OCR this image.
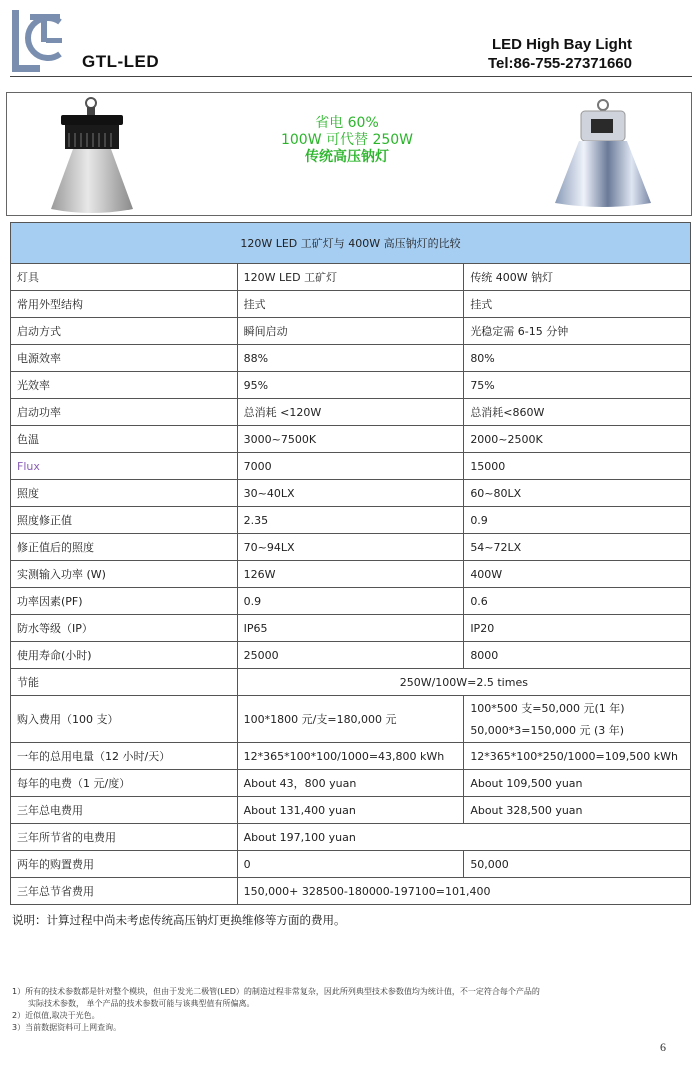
GTL-LED
LED High Bay Light
Tel:86-755-27371660
省电 60%
100W 可代替 250W
传统高压钠灯
120W LED 工矿灯与 400W 高压钠灯的比较		
灯具	120W LED 工矿灯	传统 400W 钠灯
常用外型结构	挂式	挂式
启动方式	瞬间启动	光稳定需 6-15 分钟
电源效率	88%	80%
光效率	95%	75%
启动功率	总消耗 <120W	总消耗<860W
色温	3000~7500K	2000~2500K
Flux	7000	15000
照度	30~40LX	60~80LX
照度修正值	2.35	0.9
修正值后的照度	70~94LX	54~72LX
实测输入功率 (W)	126W	400W
功率因素(PF)	0.9	0.6
防水等级（IP）	IP65	IP20
使用寿命(小时)	25000	8000
节能	250W/100W=2.5 times	
购入费用（100 支）	100*1800 元/支=180,000 元	100*500 支=50,000 元(1 年)
50,000*3=150,000 元 (3 年)

一年的总用电量（12 小时/天）	12*365*100*100/1000=43,800 kWh	12*365*100*250/1000=109,500 kWh
每年的电费（1 元/度）	About 43，800 yuan	About 109,500 yuan
三年总电费用	About 131,400 yuan	About 328,500 yuan
三年所节省的电费用	About 197,100 yuan	
两年的购置费用	0	50,000
三年总节省费用	150,000+ 328500-180000-197100=101,400	
说明：计算过程中尚未考虑传统高压钠灯更换维修等方面的费用。
1）所有的技术参数都是针对整个模块，但由于发光二极管(LED）的制造过程非常复杂，因此所列典型技术参数值均为统计值，不一定符合每个产品的
实际技术参数， 单个产品的技术参数可能与该典型值有所偏离。
2）近似值,取决于光色。
3）当前数据资料可上网查询。
6
